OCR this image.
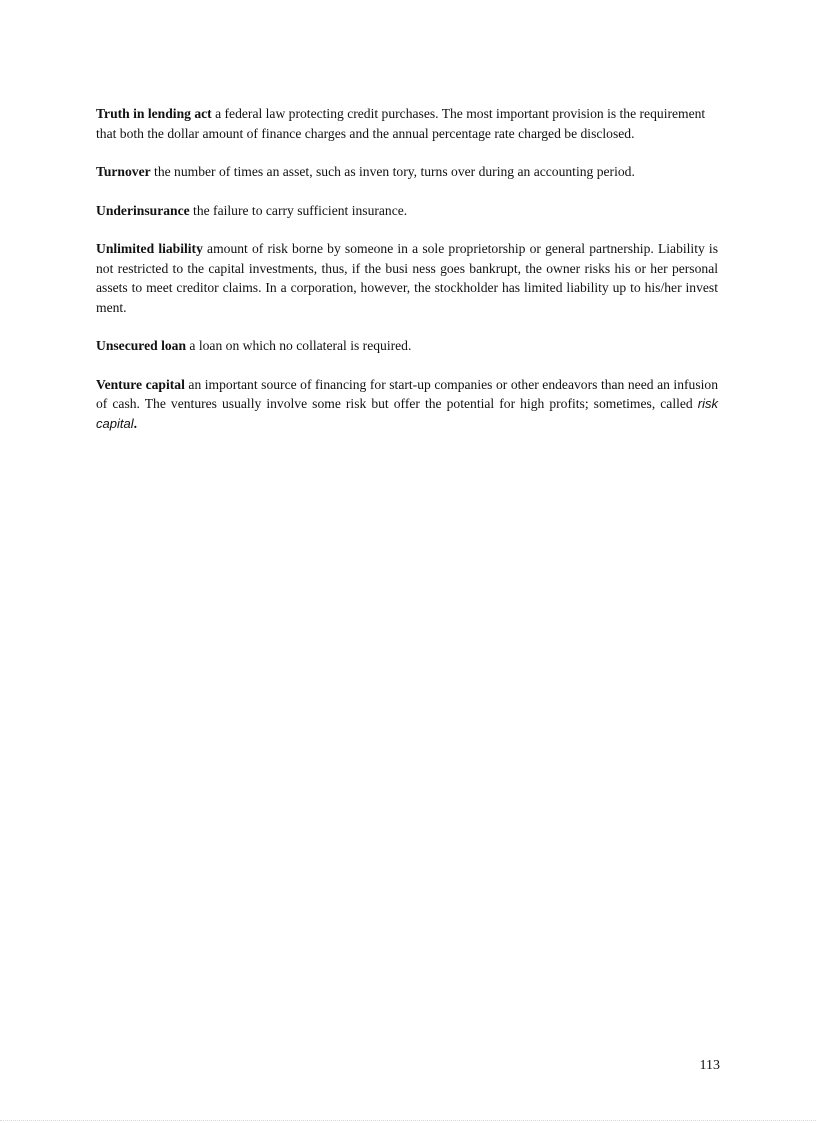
Truth in lending act a federal law protecting credit purchases. The most important provision is the requirement that both the dollar amount of finance charges and the annual percentage rate charged be disclosed.

Turnover the number of times an asset, such as inven tory, turns over during an accounting period.

Underinsurance the failure to carry sufficient insurance.

Unlimited liability amount of risk borne by someone in a sole proprietorship or general partnership. Liability is not restricted to the capital investments, thus, if the busi ness goes bankrupt, the owner risks his or her personal assets to meet creditor claims. In a corporation, however, the stockholder has limited liability up to his/her invest ment.

Unsecured loan a loan on which no collateral is required.

Venture capital an important source of financing for start-up companies or other endeavors than need an infusion of cash. The ventures usually involve some risk but offer the potential for high profits; sometimes, called risk capital.

113
